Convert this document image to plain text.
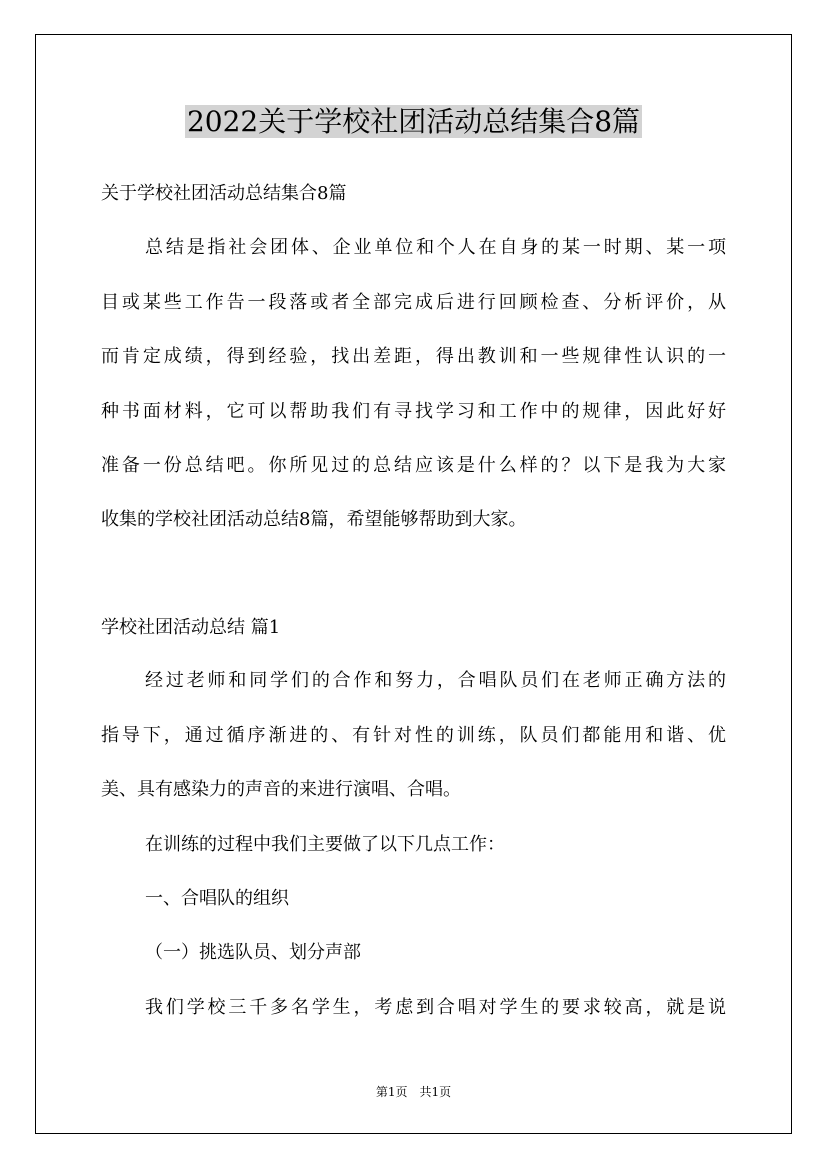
2022关于学校社团活动总结集合8篇
关于学校社团活动总结集合8篇
总结是指社会团体、企业单位和个人在自身的某一时期、某一项
目或某些工作告一段落或者全部完成后进行回顾检查、分析评价，从
而肯定成绩，得到经验，找出差距，得出教训和一些规律性认识的一
种书面材料，它可以帮助我们有寻找学习和工作中的规律，因此好好
准备一份总结吧。你所见过的总结应该是什么样的？以下是我为大家
收集的学校社团活动总结8篇，希望能够帮助到大家。
学校社团活动总结 篇1
经过老师和同学们的合作和努力，合唱队员们在老师正确方法的
指导下，通过循序渐进的、有针对性的训练，队员们都能用和谐、优
美、具有感染力的声音的来进行演唱、合唱。
在训练的过程中我们主要做了以下几点工作：
一、合唱队的组织
（一）挑选队员、划分声部
我们学校三千多名学生，考虑到合唱对学生的要求较高，就是说
第1页　共1页
